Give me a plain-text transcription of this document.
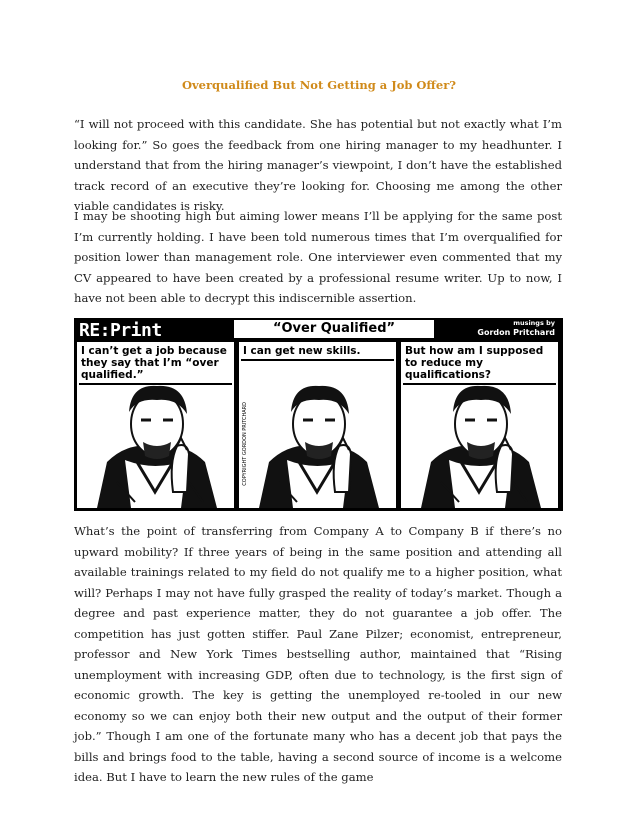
Overqualified But Not Getting a Job Offer?

“I will not proceed with this candidate. She has potential but not exactly what I’m looking for.” So goes the feedback from one hiring manager to my headhunter. I understand that from the hiring manager’s viewpoint, I don’t have the established track record of an executive they’re looking for. Choosing me among the other viable candidates is risky.

I may be shooting high but aiming lower means I’ll be applying for the same post I’m currently holding. I have been told numerous times that I’m overqualified for position lower than management role. One interviewer even commented that my CV appeared to have been created by a professional resume writer. Up to now, I have not been able to decrypt this indiscernible assertion.

RE:Print	“Over Qualified”	musings by
Gordon Pritchard
I can’t get a job because they say that I’m “over qualified.”
I can get new skills.
COPYRIGHT GORDON PRITCHARD
But how am I supposed to reduce my qualifications?

What’s the point of transferring from Company A to Company B if there’s no upward mobility? If three years of being in the same position and attending all available trainings related to my field do not qualify me to a higher position, what will? Perhaps I may not have fully grasped the reality of today’s market. Though a degree and past experience matter, they do not guarantee a job offer. The competition has just gotten stiffer. Paul Zane Pilzer; economist, entrepreneur, professor and New York Times bestselling author, maintained that “Rising unemployment with increasing GDP, often due to technology, is the first sign of economic growth. The key is getting the unemployed re-tooled in our new economy so we can enjoy both their new output and the output of their former job.” Though I am one of the fortunate many who has a decent job that pays the bills and brings food to the table, having a second source of income is a welcome idea. But I have to learn the new rules of the game
